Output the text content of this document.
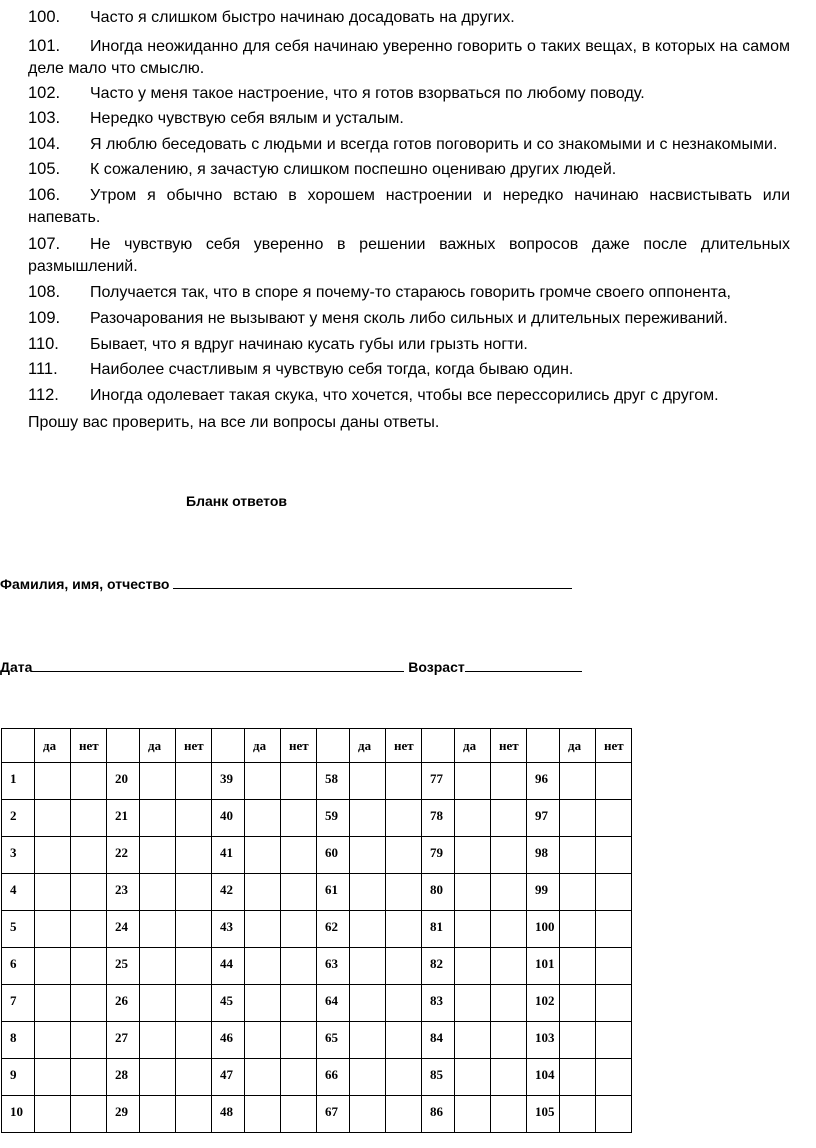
100. Часто я слишком быстро начинаю досадовать на других.
101. Иногда неожиданно для себя начинаю уверенно говорить о таких вещах, в которых на самом деле мало что смыслю.
102. Часто у меня такое настроение, что я готов взорваться по любому поводу.
103. Нередко чувствую себя вялым и усталым.
104. Я люблю беседовать с людьми и всегда готов поговорить и со знакомыми и с незнакомыми.
105. К сожалению, я зачастую слишком поспешно оцениваю других людей.
106. Утром я обычно встаю в хорошем настроении и нередко начинаю насвистывать или напевать.
107. Не чувствую себя уверенно в решении важных вопросов даже после длительных размышлений.
108. Получается так, что в споре я почему-то стараюсь говорить громче своего оппонента,
109. Разочарования не вызывают у меня сколь либо сильных и длительных переживаний.
110. Бывает, что я вдруг начинаю кусать губы или грызть ногти.
111. Наиболее счастливым я чувствую себя тогда, когда бываю один.
112. Иногда одолевает такая скука, что хочется, чтобы все перессорились друг с другом.
Прошу вас проверить, на все ли вопросы даны ответы.
Бланк ответов
Фамилия, имя, отчество
Дата	Возраст
	да	нет		да	нет		да	нет		да	нет		да	нет		да	нет
1			20			39			58			77			96		
2			21			40			59			78			97		
3			22			41			60			79			98		
4			23			42			61			80			99		
5			24			43			62			81			100		
6			25			44			63			82			101		
7			26			45			64			83			102		
8			27			46			65			84			103		
9			28			47			66			85			104		
10			29			48			67			86			105		
